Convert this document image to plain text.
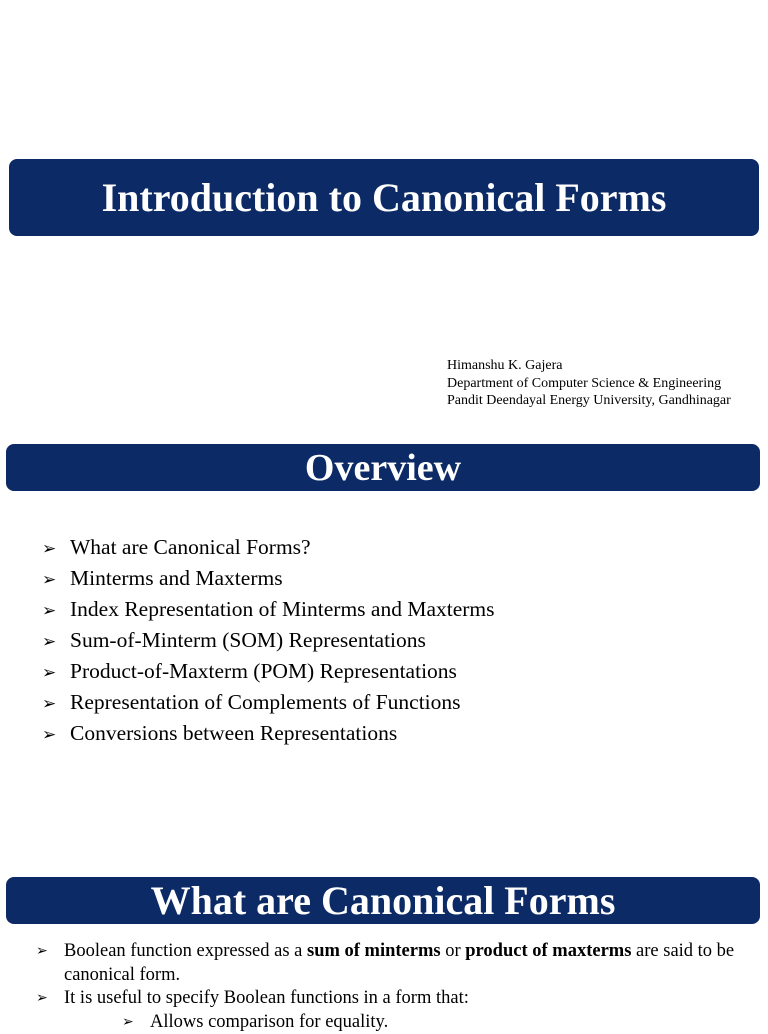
Introduction to Canonical Forms
Himanshu K. Gajera
Department of Computer Science & Engineering
Pandit Deendayal Energy University, Gandhinagar
Overview
➢ What are Canonical Forms?
➢ Minterms and Maxterms
➢ Index Representation of Minterms and Maxterms
➢ Sum-of-Minterm (SOM) Representations
➢ Product-of-Maxterm (POM) Representations
➢ Representation of Complements of Functions
➢ Conversions between Representations
What are Canonical Forms
➢ Boolean function expressed as a sum of minterms or product of maxterms are said to be canonical form.
➢ It is useful to specify Boolean functions in a form that:
➢ Allows comparison for equality.
